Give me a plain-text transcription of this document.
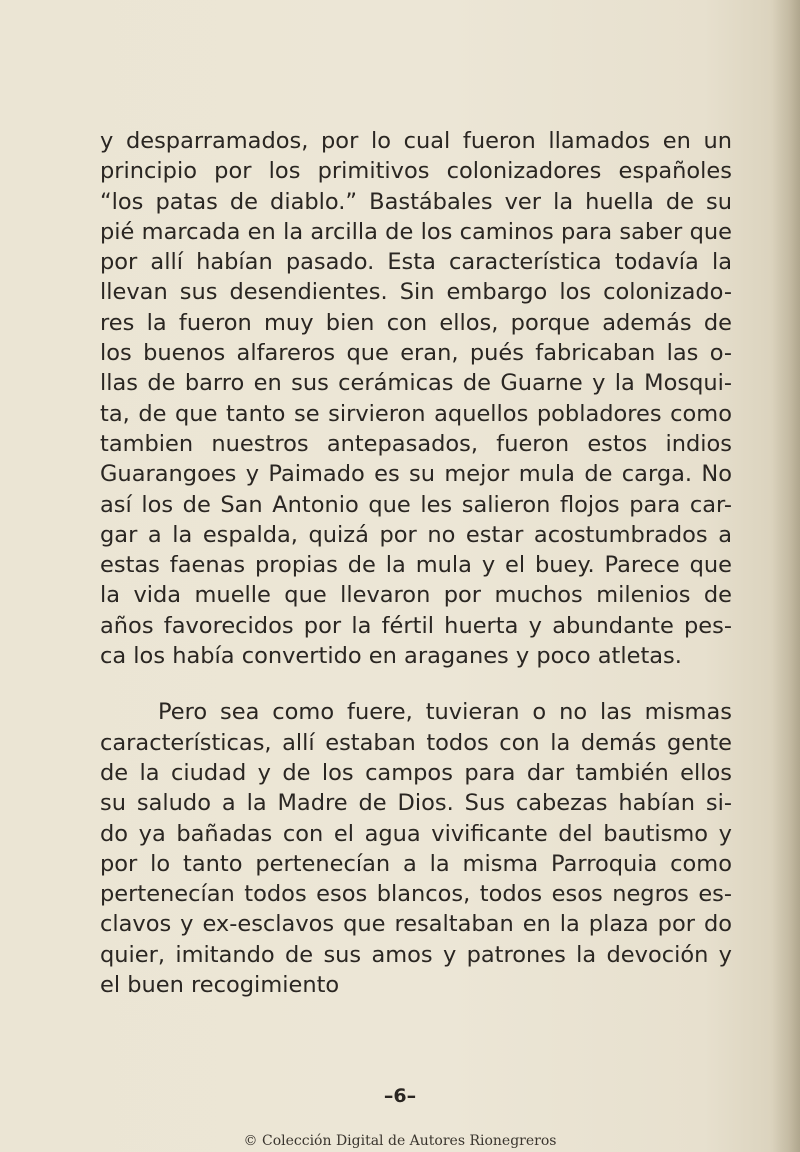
y desparramados, por lo cual fueron llamados en un
principio por los primitivos colonizadores españoles
“los patas de diablo.” Bastábales ver la huella de su
pié marcada en la arcilla de los caminos para saber que
por allí habían pasado. Esta característica todavía la
llevan sus desendientes. Sin embargo los colonizado-
res la fueron muy bien con ellos, porque además de
los buenos alfareros que eran, pués fabricaban las o-
llas de barro en sus cerámicas de Guarne y la Mosqui-
ta, de que tanto se sirvieron aquellos pobladores como
tambien nuestros antepasados, fueron estos indios
Guarangoes y Paimado es su mejor mula de carga. No
así los de San Antonio que les salieron flojos para car-
gar a la espalda, quizá por no estar acostumbrados a
estas faenas propias de la mula y el buey. Parece que
la vida muelle que llevaron por muchos milenios de
años favorecidos por la fértil huerta y abundante pes-
ca los había convertido en araganes y poco atletas.
Pero sea como fuere, tuvieran o no las mismas
características, allí estaban todos con la demás gente
de la ciudad y de los campos para dar también ellos
su saludo a la Madre de Dios. Sus cabezas habían si-
do ya bañadas con el agua vivificante del bautismo y
por lo tanto pertenecían a la misma Parroquia como
pertenecían todos esos blancos, todos esos negros es-
clavos y ex-esclavos que resaltaban en la plaza por do
quier, imitando de sus amos y patrones la devoción y
el buen recogimiento
–6–
© Colección Digital de Autores Rionegreros
